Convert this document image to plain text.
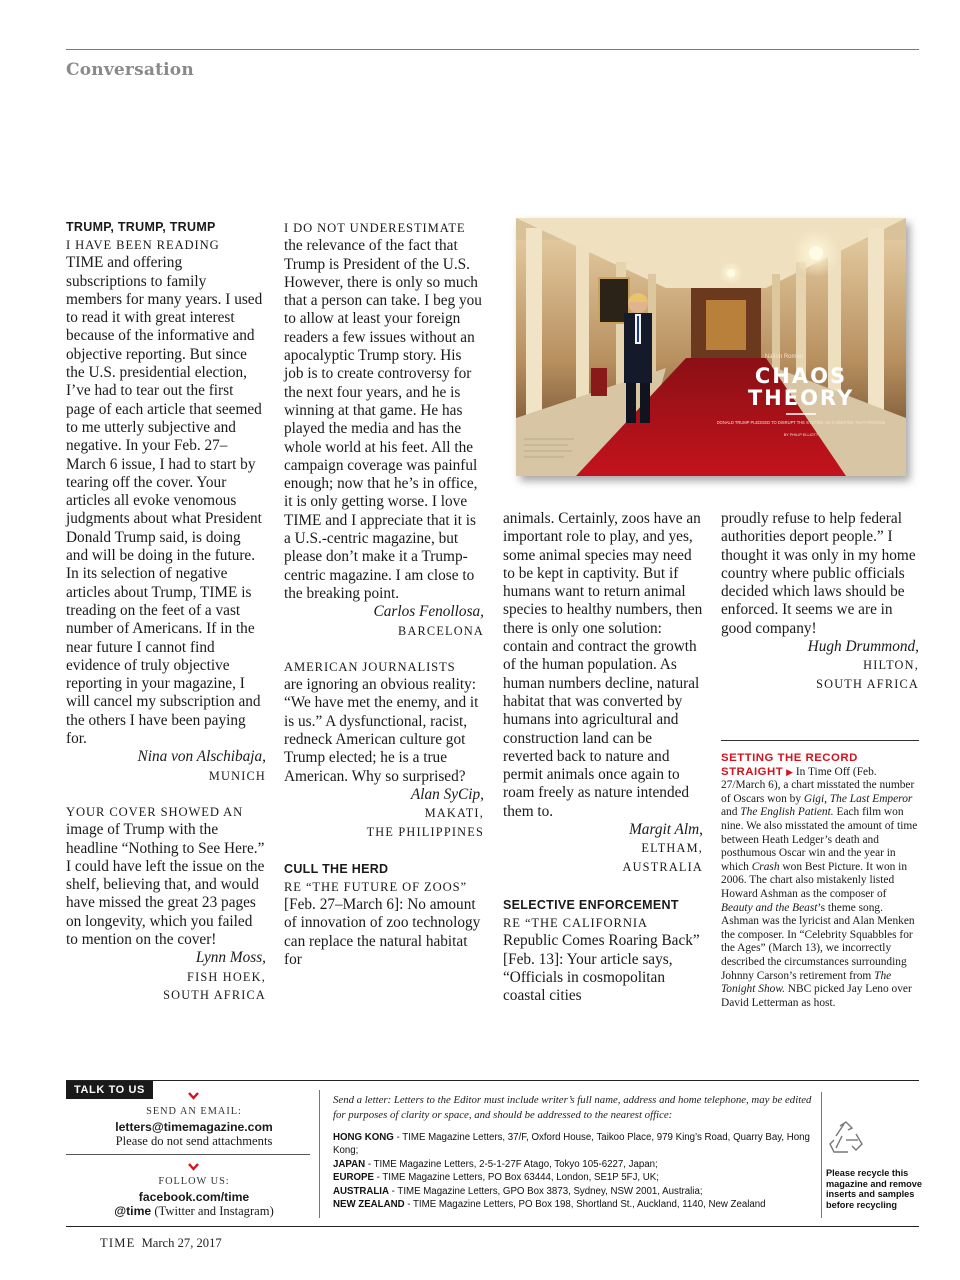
Conversation
TRUMP, TRUMP, TRUMP

I HAVE BEEN READING
TIME and offering subscriptions to family members for many years. I used to read it with great interest because of the informative and objective reporting. But since the U.S. presidential election, I’ve had to tear out the first page of each article that seemed to me utterly subjective and negative. In your Feb. 27–March 6 issue, I had to start by tearing off the cover. Your articles all evoke venomous judgments about what President Donald Trump said, is doing and will be doing in the future. In its selection of negative articles about Trump, TIME is treading on the feet of a vast number of Americans. If in the near future I cannot find evidence of truly objective reporting in your magazine, I will cancel my subscription and the others I have been paying for.

Nina von Alschibaja,
MUNICH

YOUR COVER SHOWED AN
image of Trump with the headline “Nothing to See Here.” I could have left the issue on the shelf, believing that, and would have missed the great 23 pages on longevity, which you failed to mention on the cover!

Lynn Moss,
FISH HOEK,
SOUTH AFRICA

I DO NOT UNDERESTIMATE
the relevance of the fact that Trump is President of the U.S. However, there is only so much that a person can take. I beg you to allow at least your foreign readers a few issues without an apocalyptic Trump story. His job is to create controversy for the next four years, and he is winning at that game. He has played the media and has the whole world at his feet. All the campaign coverage was painful enough; now that he’s in office, it is only getting worse. I love TIME and I appreciate that it is a U.S.-centric magazine, but please don’t make it a Trump-centric magazine. I am close to the breaking point.

Carlos Fenollosa,
BARCELONA

AMERICAN JOURNALISTS
are ignoring an obvious reality: “We have met the enemy, and it is us.” A dysfunctional, racist, redneck American culture got Trump elected; he is a true American. Why so surprised?

Alan SyCip,
MAKATI,
THE PHILIPPINES
CULL THE HERD

RE “THE FUTURE OF ZOOS”
[Feb. 27–March 6]: No amount of innovation of zoo technology can replace the natural habitat for

Nation Roman
CHAOS
THEORY
DONALD TRUMP PLEDGED TO DISRUPT THE SYSTEM. HE’S KEEPING THAT PROMISE
BY PHILIP ELLIOTT

animals. Certainly, zoos have an important role to play, and yes, some animal species may need to be kept in captivity. But if humans want to return animal species to healthy numbers, then there is only one solution: contain and contract the growth of the human population. As human numbers decline, natural habitat that was converted by humans into agricultural and construction land can be reverted back to nature and permit animals once again to roam freely as nature intended them to.

Margit Alm,
ELTHAM,
AUSTRALIA
SELECTIVE ENFORCEMENT

RE “THE CALIFORNIA
Republic Comes Roaring Back” [Feb. 13]: Your article says, “Officials in cosmopolitan coastal cities

proudly refuse to help federal authorities deport people.” I thought it was only in my home country where public officials decided which laws should be enforced. It seems we are in good company!

Hugh Drummond,
HILTON,
SOUTH AFRICA
SETTING THE RECORD
STRAIGHT ▶ In Time Off (Feb. 27/March 6), a chart misstated the number of Oscars won by Gigi, The Last Emperor and The English Patient. Each film won nine. We also misstated the amount of time between Heath Ledger’s death and posthumous Oscar win and the year in which Crash won Best Picture. It won in 2006. The chart also mistakenly listed Howard Ashman as the composer of Beauty and the Beast’s theme song. Ashman was the lyricist and Alan Menken the composer. In “Celebrity Squabbles for the Ages” (March 13), we incorrectly described the circumstances surrounding Johnny Carson’s retirement from The Tonight Show. NBC picked Jay Leno over David Letterman as host.
TALK TO US
SEND AN EMAIL:
letters@timemagazine.com
Please do not send attachments
FOLLOW US:
facebook.com/time
@time (Twitter and Instagram)
Send a letter: Letters to the Editor must include writer’s full name, address and home telephone, may be edited for purposes of clarity or space, and should be addressed to the nearest office:
HONG KONG - TIME Magazine Letters, 37/F, Oxford House, Taikoo Place, 979 King’s Road, Quarry Bay, Hong Kong;
JAPAN - TIME Magazine Letters, 2-5-1-27F Atago, Tokyo 105-6227, Japan;
EUROPE - TIME Magazine Letters, PO Box 63444, London, SE1P 5FJ, UK;
AUSTRALIA - TIME Magazine Letters, GPO Box 3873, Sydney, NSW 2001, Australia;
NEW ZEALAND - TIME Magazine Letters, PO Box 198, Shortland St., Auckland, 1140, New Zealand
Please recycle this magazine and remove inserts and samples before recycling
TIME March 27, 2017
